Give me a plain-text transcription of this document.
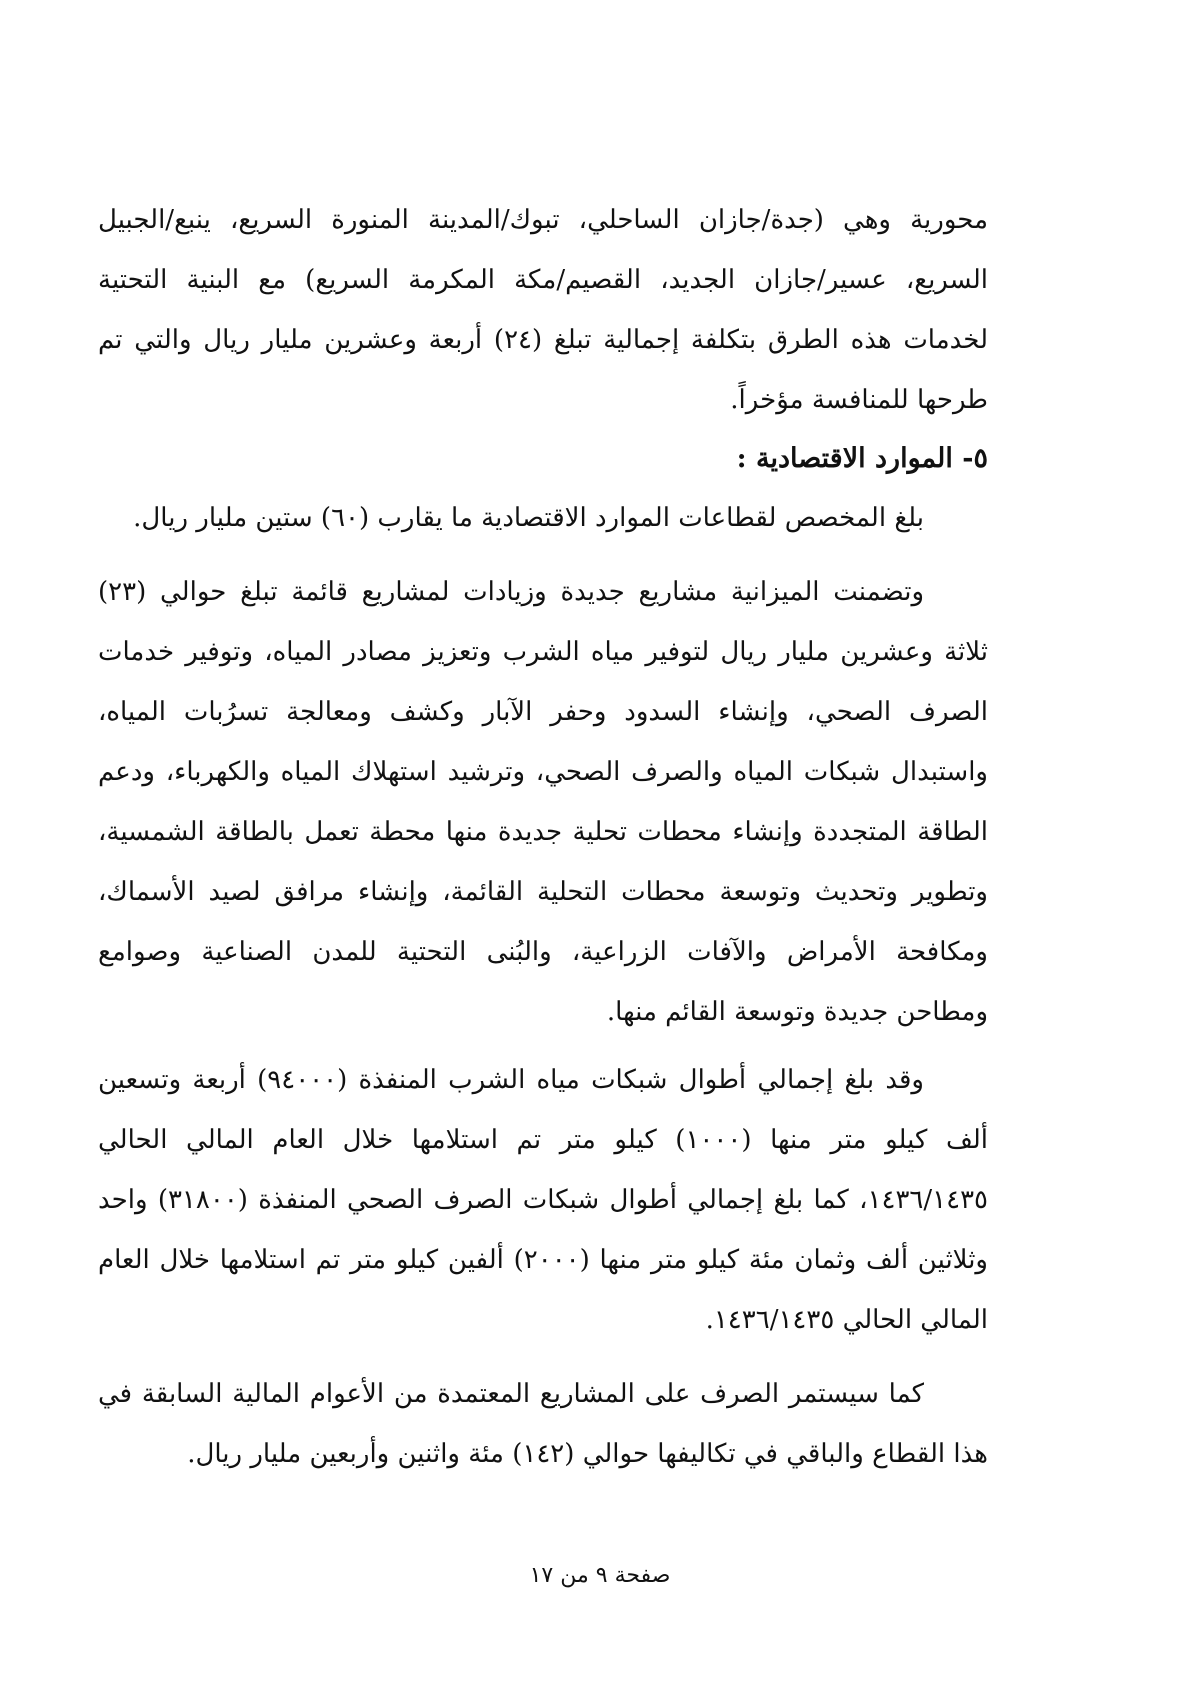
محورية وهي (جدة/جازان الساحلي، تبوك/المدينة المنورة السريع، ينبع/الجبيل السريع، عسير/جازان الجديد، القصيم/مكة المكرمة السريع) مع البنية التحتية لخدمات هذه الطرق بتكلفة إجمالية تبلغ (٢٤) أربعة وعشرين مليار ريال والتي تم طرحها للمنافسة مؤخراً.

٥- الموارد الاقتصادية :

بلغ المخصص لقطاعات الموارد الاقتصادية ما يقارب (٦٠) ستين مليار ريال.

وتضمنت الميزانية مشاريع جديدة وزيادات لمشاريع قائمة تبلغ حوالي (٢٣) ثلاثة وعشرين مليار ريال لتوفير مياه الشرب وتعزيز مصادر المياه، وتوفير خدمات الصرف الصحي، وإنشاء السدود وحفر الآبار وكشف ومعالجة تسرُبات المياه، واستبدال شبكات المياه والصرف الصحي، وترشيد استهلاك المياه والكهرباء، ودعم الطاقة المتجددة وإنشاء محطات تحلية جديدة منها محطة تعمل بالطاقة الشمسية، وتطوير وتحديث وتوسعة محطات التحلية القائمة، وإنشاء مرافق لصيد الأسماك، ومكافحة الأمراض والآفات الزراعية، والبُنى التحتية للمدن الصناعية وصوامع ومطاحن جديدة وتوسعة القائم منها.

وقد بلغ إجمالي أطوال شبكات مياه الشرب المنفذة (٩٤٠٠٠) أربعة وتسعين ألف كيلو متر منها (١٠٠٠) كيلو متر تم استلامها خلال العام المالي الحالي ١٤٣٦/١٤٣٥، كما بلغ إجمالي أطوال شبكات الصرف الصحي المنفذة (٣١٨٠٠) واحد وثلاثين ألف وثمان مئة كيلو متر منها (٢٠٠٠) ألفين كيلو متر تم استلامها خلال العام المالي الحالي ١٤٣٦/١٤٣٥.

كما سيستمر الصرف على المشاريع المعتمدة من الأعوام المالية السابقة في هذا القطاع والباقي في تكاليفها حوالي (١٤٢) مئة واثنين وأربعين مليار ريال.

صفحة ٩ من ١٧
